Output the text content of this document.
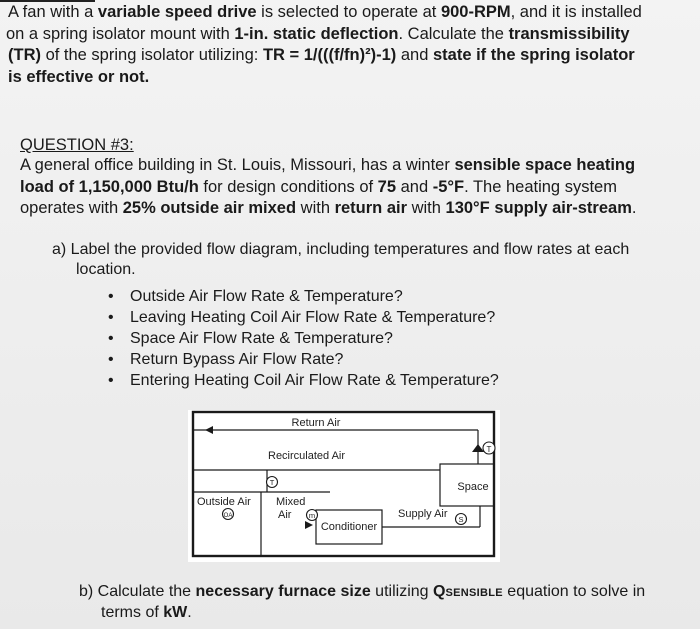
A fan with a variable speed drive is selected to operate at 900-RPM, and it is installed
on a spring isolator mount with 1-in. static deflection. Calculate the transmissibility
(TR) of the spring isolator utilizing: TR = 1/(((f/fn)²)-1) and state if the spring isolator
is effective or not.
QUESTION #3:
A general office building in St. Louis, Missouri, has a winter sensible space heating
load of 1,150,000 Btu/h for design conditions of 75 and -5°F. The heating system
operates with 25% outside air mixed with return air with 130°F supply air-stream.
a) Label the provided flow diagram, including temperatures and flow rates at each
location.
• Outside Air Flow Rate & Temperature?
• Leaving Heating Coil Air Flow Rate & Temperature?
• Space Air Flow Rate & Temperature?
• Return Bypass Air Flow Rate?
• Entering Heating Coil Air Flow Rate & Temperature?
T
T
m	S
OA
Return Air
Recirculated Air
Outside Air Mixed
Air
Conditioner
Supply Air
Space
b) Calculate the necessary furnace size utilizing QSENSIBLE equation to solve in
terms of kW.
